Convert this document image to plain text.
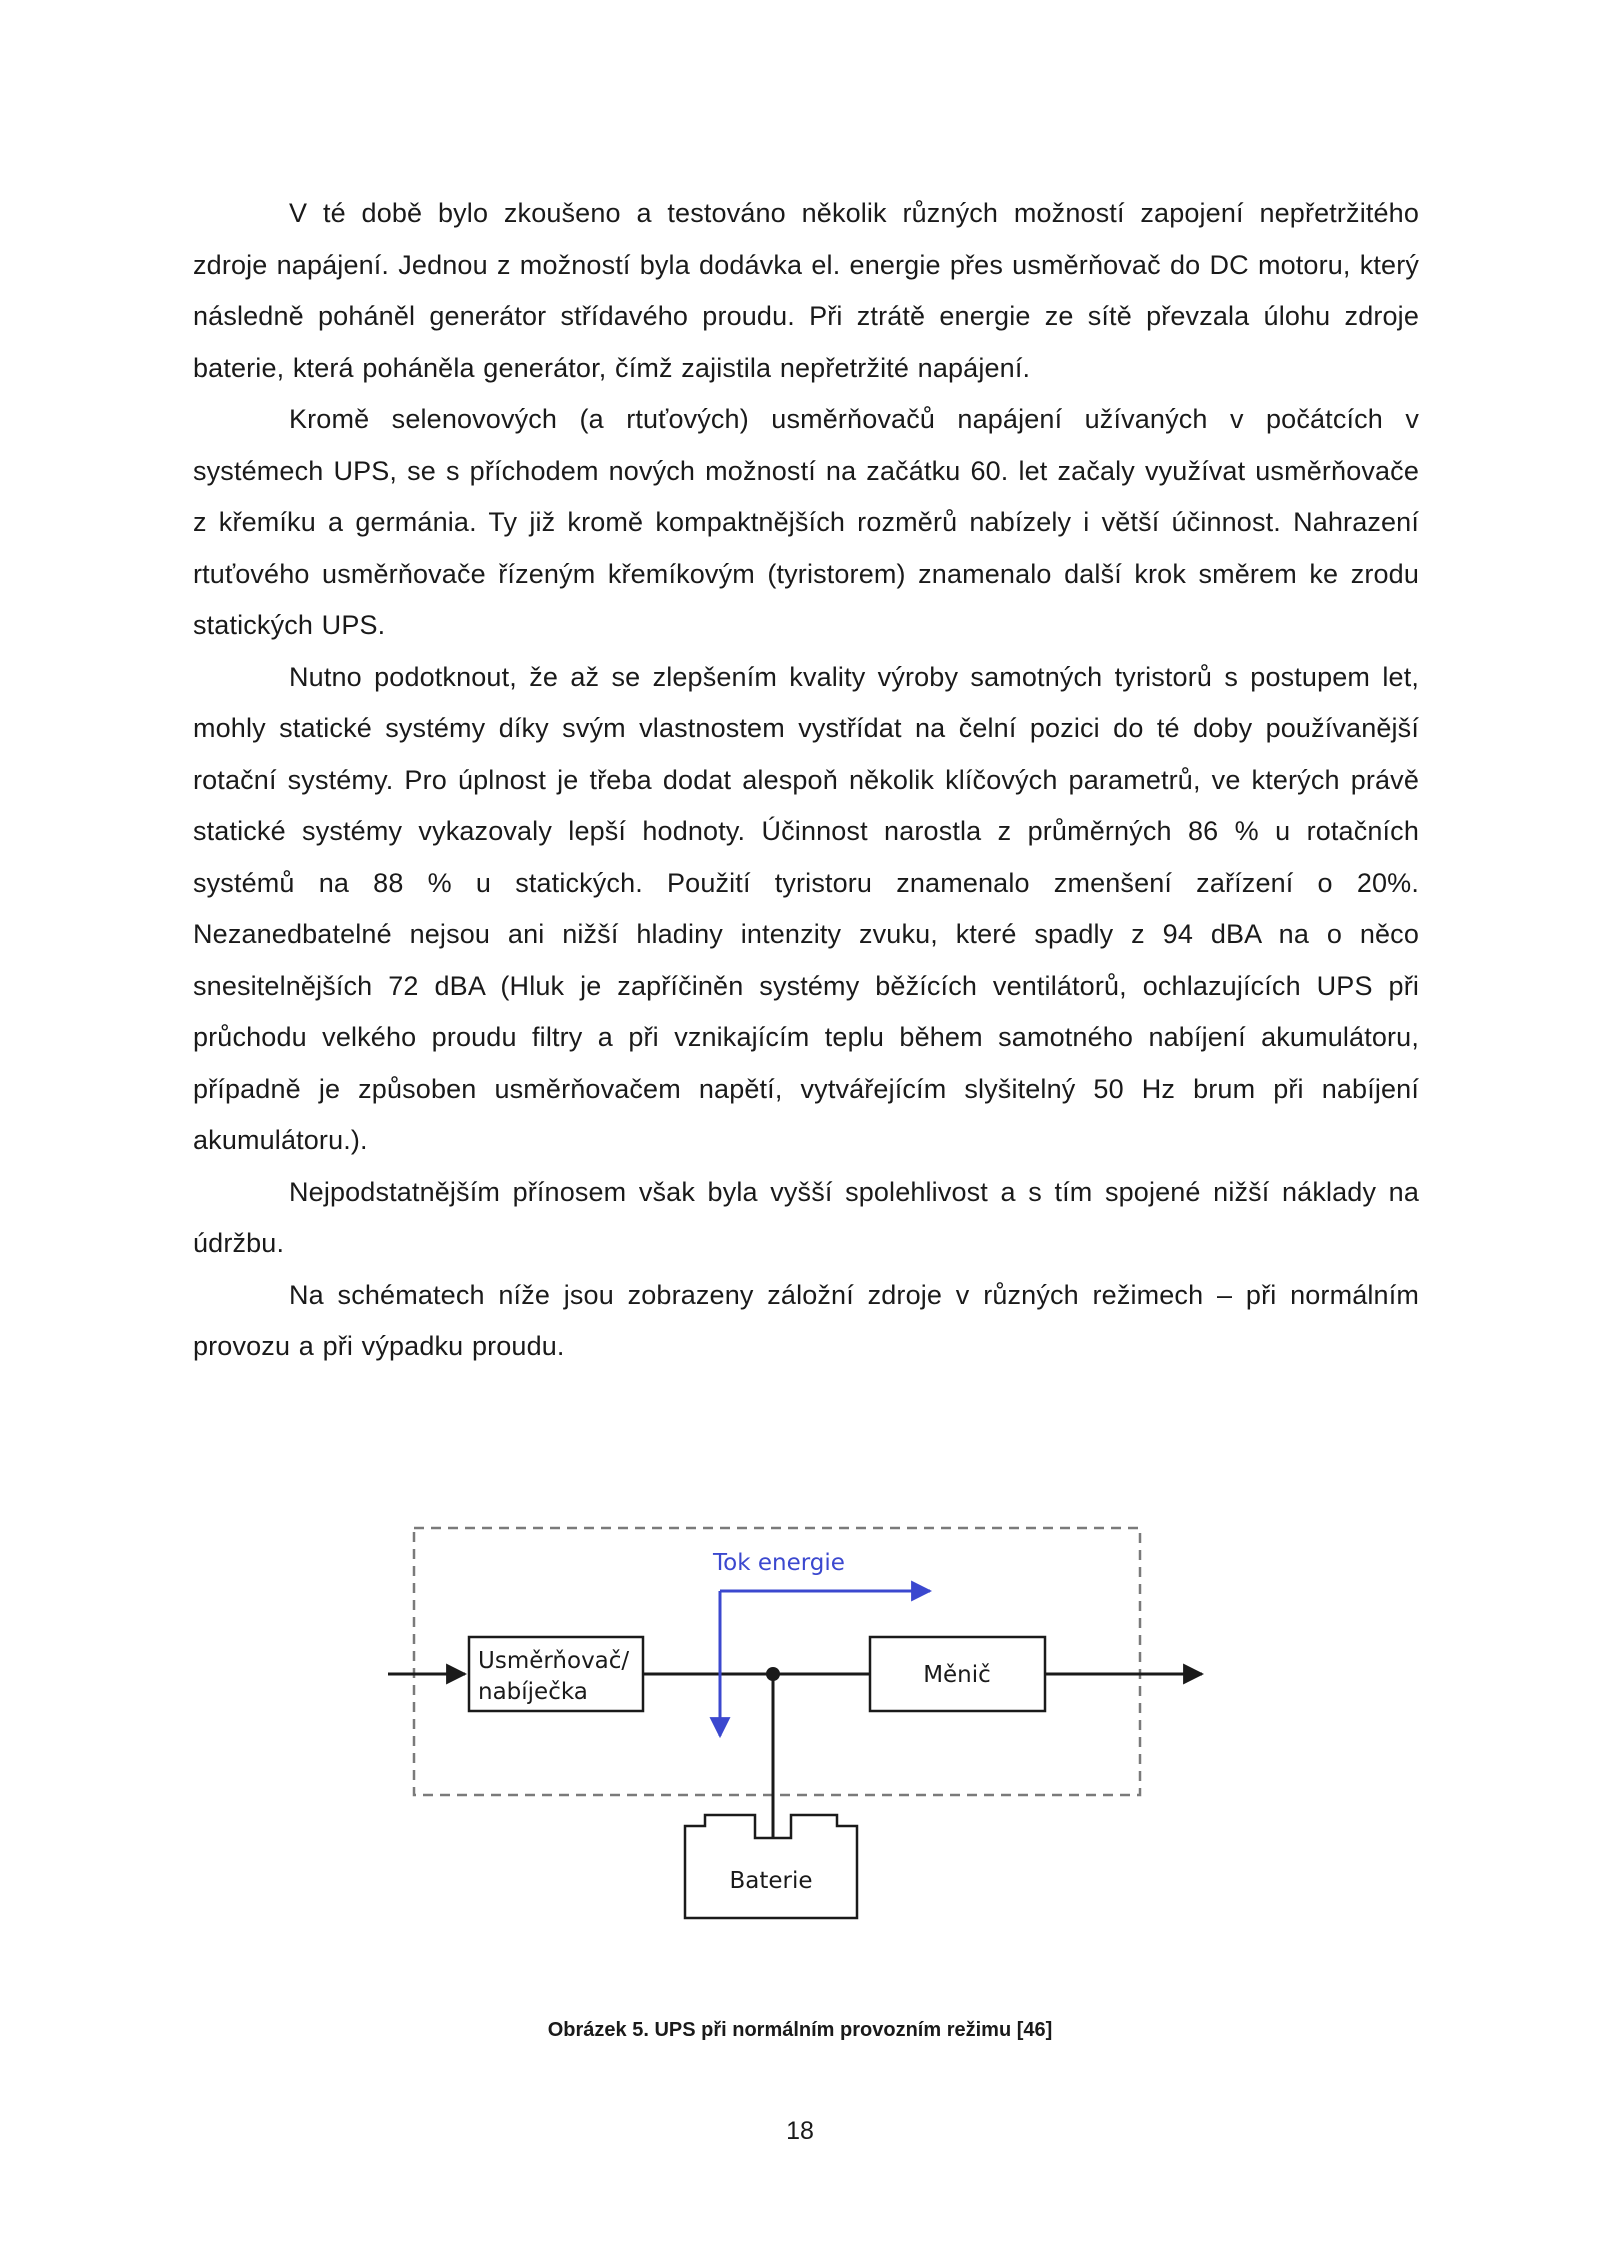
V té době bylo zkoušeno a testováno několik různých možností zapojení nepřetržitého zdroje napájení. Jednou z možností byla dodávka el. energie přes usměrňovač do DC motoru, který následně poháněl generátor střídavého proudu. Při ztrátě energie ze sítě převzala úlohu zdroje baterie, která poháněla generátor, čímž zajistila nepřetržité napájení.

Kromě selenovových (a rtuťových) usměrňovačů napájení užívaných v počátcích v systémech UPS, se s příchodem nových možností na začátku 60. let začaly využívat usměrňovače z křemíku a germánia. Ty již kromě kompaktnějších rozměrů nabízely i větší účinnost. Nahrazení rtuťového usměrňovače řízeným křemíkovým (tyristorem) znamenalo další krok směrem ke zrodu statických UPS.

Nutno podotknout, že až se zlepšením kvality výroby samotných tyristorů s postupem let, mohly statické systémy díky svým vlastnostem vystřídat na čelní pozici do té doby používanější rotační systémy. Pro úplnost je třeba dodat alespoň několik klíčových parametrů, ve kterých právě statické systémy vykazovaly lepší hodnoty. Účinnost narostla z průměrných 86 % u rotačních systémů na 88 % u statických. Použití tyristoru znamenalo zmenšení zařízení o 20%. Nezanedbatelné nejsou ani nižší hladiny intenzity zvuku, které spadly z 94 dBA na o něco snesitelnějších 72 dBA (Hluk je zapříčiněn systémy běžících ventilátorů, ochlazujících UPS při průchodu velkého proudu filtry a při vznikajícím teplu během samotného nabíjení akumulátoru, případně je způsoben usměrňovačem napětí, vytvářejícím slyšitelný 50 Hz brum při nabíjení akumulátoru.).

Nejpodstatnějším přínosem však byla vyšší spolehlivost a s tím spojené nižší náklady na údržbu.

Na schématech níže jsou zobrazeny záložní zdroje v různých režimech – při normálním provozu a při výpadku proudu.

Usměrňovač/
nabíječka
Měnič
Tok energie
Baterie
Obrázek 5. UPS při normálním provozním režimu [46]
18
